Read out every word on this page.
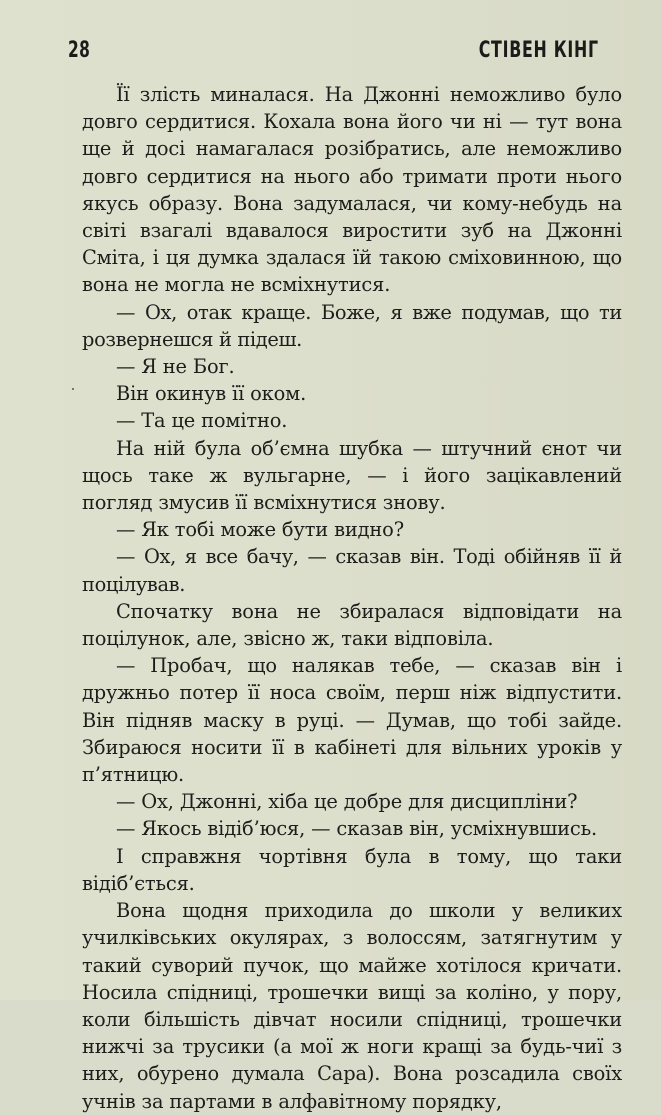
28	СТІВЕН КІНГ

Її злість миналася. На Джонні неможливо було довго сердитися. Кохала вона його чи ні — тут вона ще й досі намагалася розібратись, але неможливо довго сердитися на нього або тримати проти нього якусь образу. Вона задумалася, чи кому-небудь на світі взагалі вдавалося виростити зуб на Джонні Сміта, і ця думка здалася їй такою сміховинною, що вона не могла не всміхнутися.

— Ох, отак краще. Боже, я вже подумав, що ти розвернешся й підеш.

— Я не Бог.

Він окинув її оком.

— Та це помітно.

На ній була об’ємна шубка — штучний єнот чи щось таке ж вульгарне, — і його зацікавлений погляд змусив її всміхнутися знову.

— Як тобі може бути видно?

— Ох, я все бачу, — сказав він. Тоді обійняв її й поцілував.

Спочатку вона не збиралася відповідати на поцілунок, але, звісно ж, таки відповіла.

— Пробач, що налякав тебе, — сказав він і дружньо потер її носа своїм, перш ніж відпустити. Він підняв маску в руці. — Думав, що тобі зайде. Збираюся носити її в кабінеті для вільних уроків у п’ятницю.

— Ох, Джонні, хіба це добре для дисципліни?

— Якось відіб’юся, — сказав він, усміхнувшись.

І справжня чортівня була в тому, що таки відіб’ється.

Вона щодня приходила до школи у великих училківських окулярах, з волоссям, затягнутим у такий суворий пучок, що майже хотілося кричати. Носила спідниці, трошечки вищі за коліно, у пору, коли більшість дівчат носили спідниці, трошечки нижчі за трусики (а мої ж ноги кращі за будь-чиї з них, обурено думала Сара). Вона розсадила своїх учнів за партами в алфавітному порядку,
